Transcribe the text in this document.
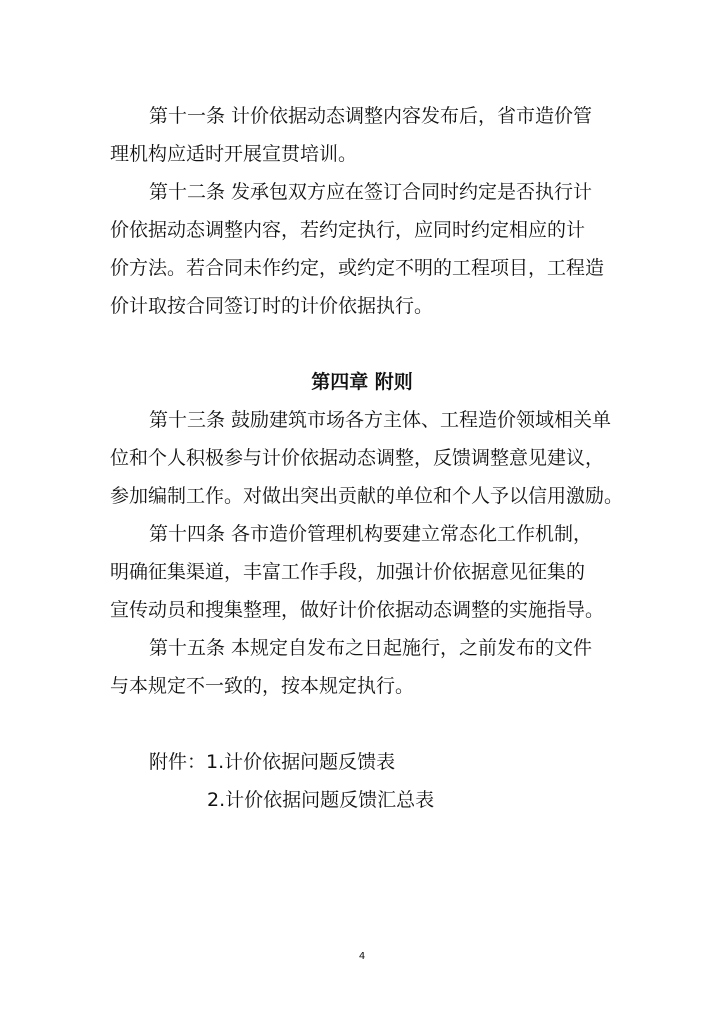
第十一条 计价依据动态调整内容发布后，省市造价管
理机构应适时开展宣贯培训。
第十二条 发承包双方应在签订合同时约定是否执行计
价依据动态调整内容，若约定执行，应同时约定相应的计
价方法。若合同未作约定，或约定不明的工程项目，工程造
价计取按合同签订时的计价依据执行。
第四章 附则
第十三条 鼓励建筑市场各方主体、工程造价领域相关单
位和个人积极参与计价依据动态调整，反馈调整意见建议，
参加编制工作。对做出突出贡献的单位和个人予以信用激励。
第十四条 各市造价管理机构要建立常态化工作机制，
明确征集渠道，丰富工作手段，加强计价依据意见征集的
宣传动员和搜集整理，做好计价依据动态调整的实施指导。
第十五条 本规定自发布之日起施行，之前发布的文件
与本规定不一致的，按本规定执行。
附件：1.计价依据问题反馈表
2.计价依据问题反馈汇总表
4
